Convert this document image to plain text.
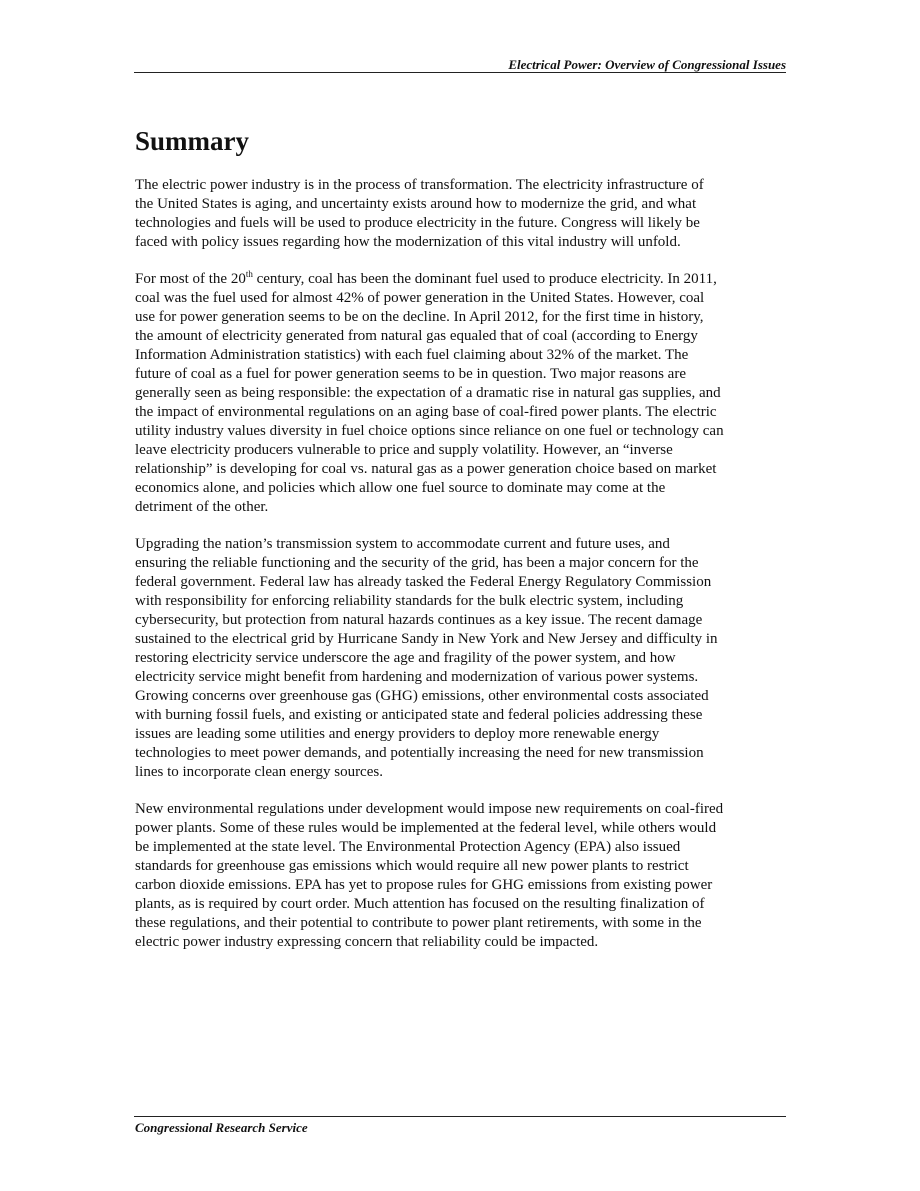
Electrical Power: Overview of Congressional Issues
Summary

The electric power industry is in the process of transformation. The electricity infrastructure of
the United States is aging, and uncertainty exists around how to modernize the grid, and what
technologies and fuels will be used to produce electricity in the future. Congress will likely be
faced with policy issues regarding how the modernization of this vital industry will unfold.

For most of the 20th century, coal has been the dominant fuel used to produce electricity. In 2011,
coal was the fuel used for almost 42% of power generation in the United States. However, coal
use for power generation seems to be on the decline. In April 2012, for the first time in history,
the amount of electricity generated from natural gas equaled that of coal (according to Energy
Information Administration statistics) with each fuel claiming about 32% of the market. The
future of coal as a fuel for power generation seems to be in question. Two major reasons are
generally seen as being responsible: the expectation of a dramatic rise in natural gas supplies, and
the impact of environmental regulations on an aging base of coal-fired power plants. The electric
utility industry values diversity in fuel choice options since reliance on one fuel or technology can
leave electricity producers vulnerable to price and supply volatility. However, an “inverse
relationship” is developing for coal vs. natural gas as a power generation choice based on market
economics alone, and policies which allow one fuel source to dominate may come at the
detriment of the other.

Upgrading the nation’s transmission system to accommodate current and future uses, and
ensuring the reliable functioning and the security of the grid, has been a major concern for the
federal government. Federal law has already tasked the Federal Energy Regulatory Commission
with responsibility for enforcing reliability standards for the bulk electric system, including
cybersecurity, but protection from natural hazards continues as a key issue. The recent damage
sustained to the electrical grid by Hurricane Sandy in New York and New Jersey and difficulty in
restoring electricity service underscore the age and fragility of the power system, and how
electricity service might benefit from hardening and modernization of various power systems.
Growing concerns over greenhouse gas (GHG) emissions, other environmental costs associated
with burning fossil fuels, and existing or anticipated state and federal policies addressing these
issues are leading some utilities and energy providers to deploy more renewable energy
technologies to meet power demands, and potentially increasing the need for new transmission
lines to incorporate clean energy sources.

New environmental regulations under development would impose new requirements on coal-fired
power plants. Some of these rules would be implemented at the federal level, while others would
be implemented at the state level. The Environmental Protection Agency (EPA) also issued
standards for greenhouse gas emissions which would require all new power plants to restrict
carbon dioxide emissions. EPA has yet to propose rules for GHG emissions from existing power
plants, as is required by court order. Much attention has focused on the resulting finalization of
these regulations, and their potential to contribute to power plant retirements, with some in the
electric power industry expressing concern that reliability could be impacted.

Congressional Research Service
